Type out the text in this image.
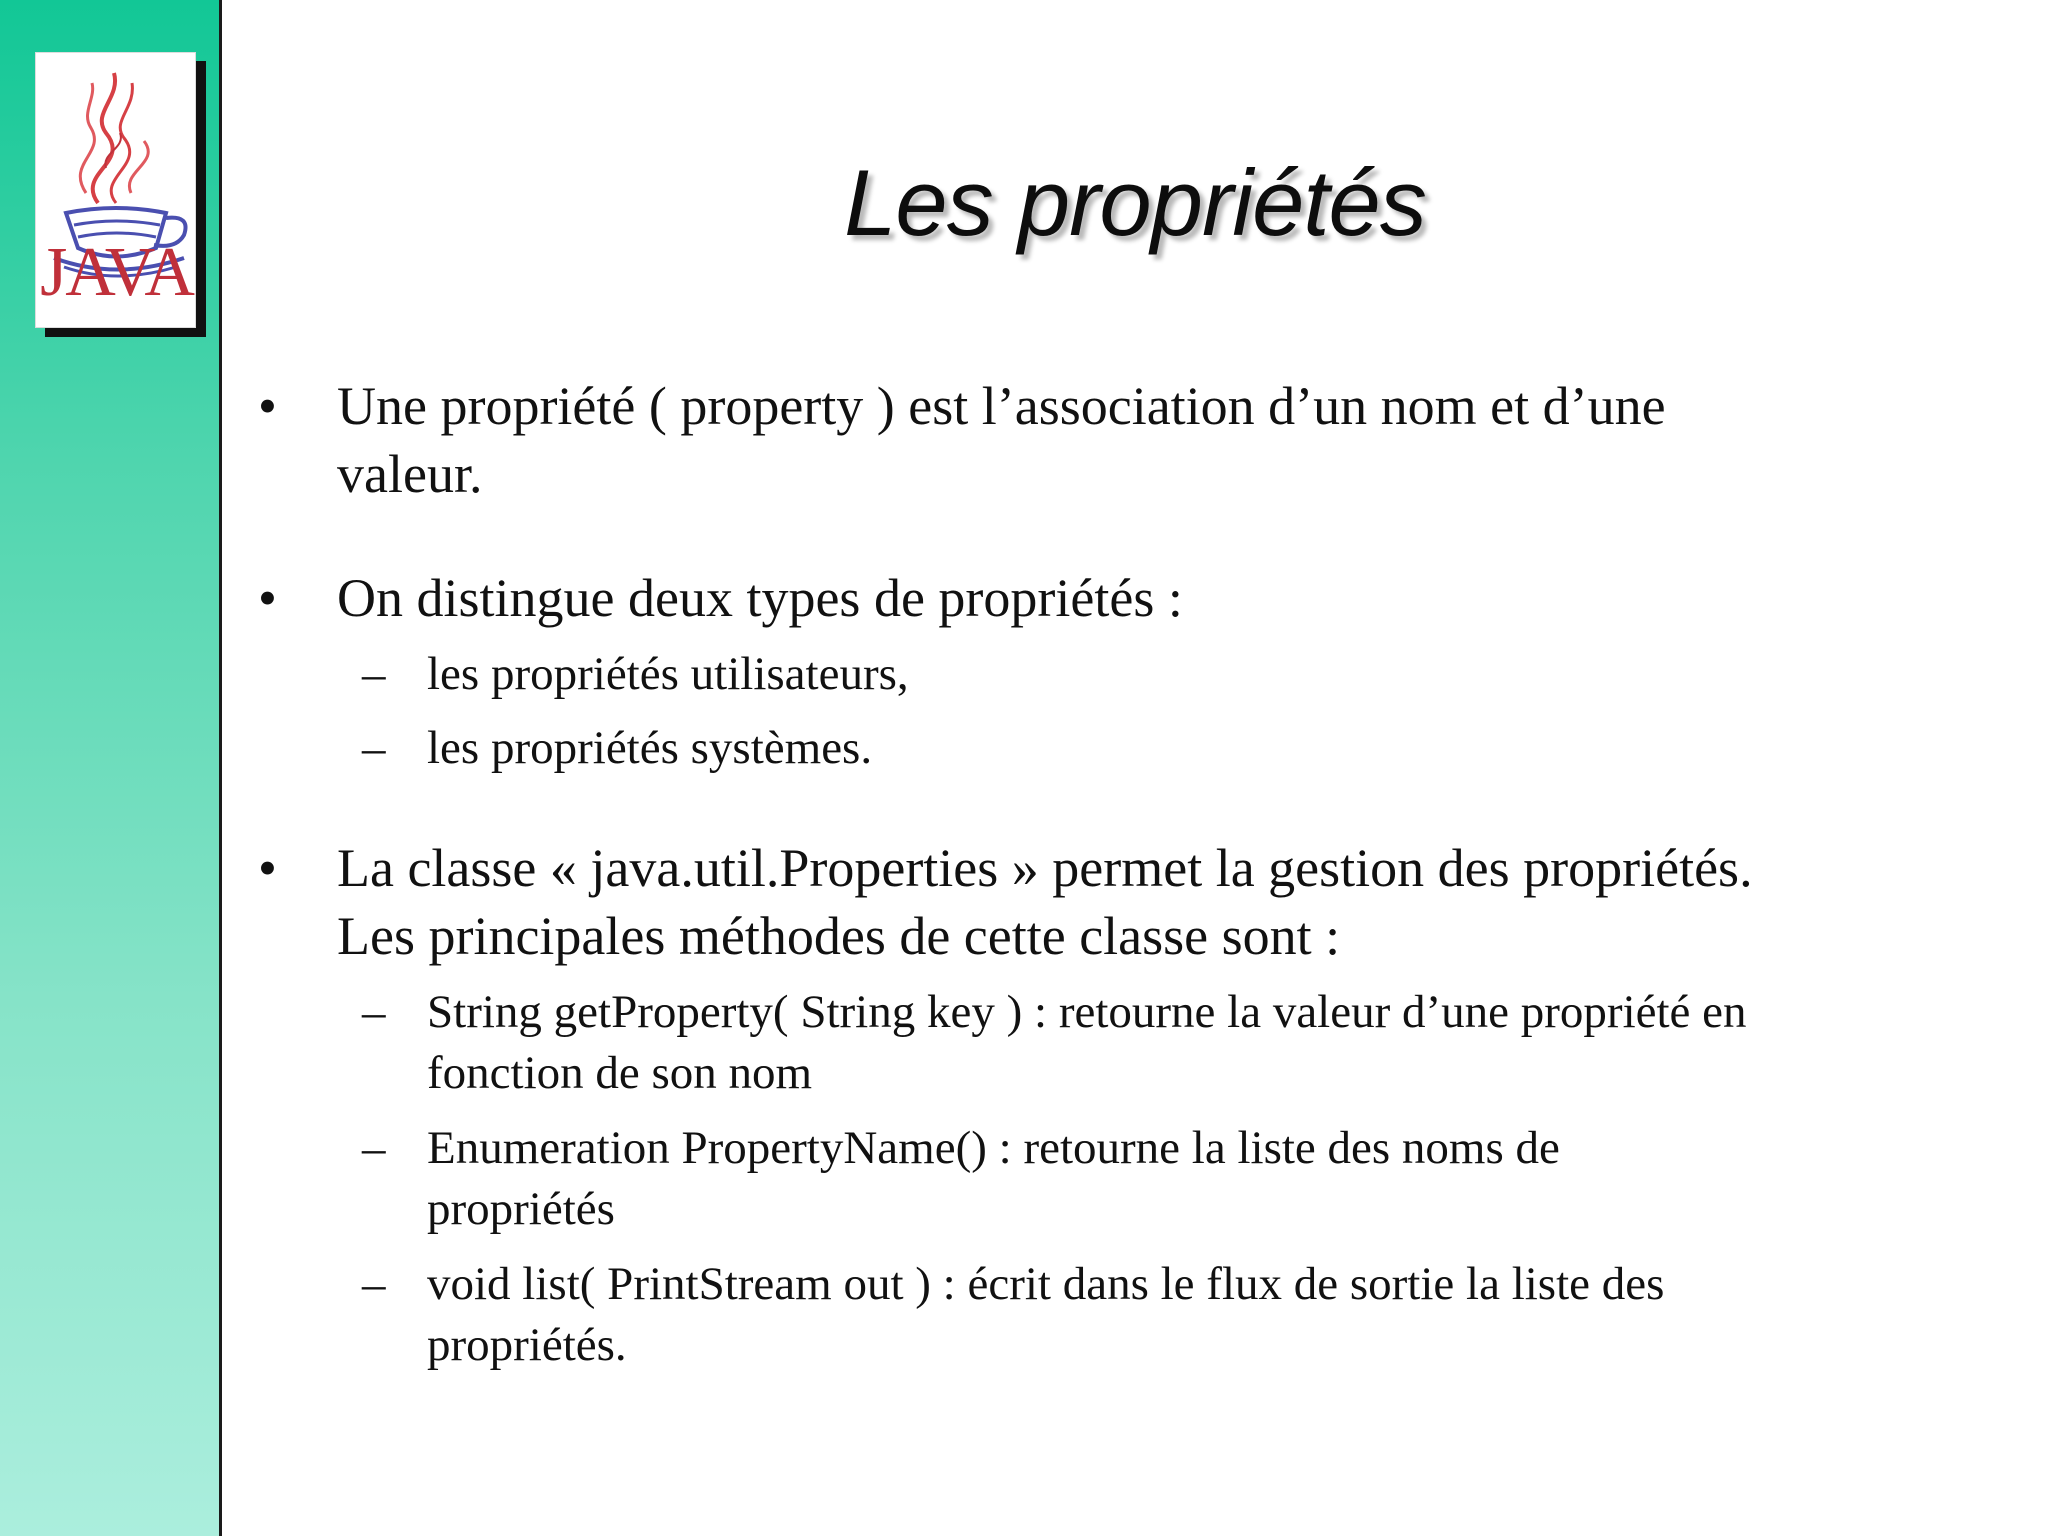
JAVA
Les propriétés
• Une propriété ( property ) est l’association d’un nom et d’une
valeur.
• On distingue deux types de propriétés :
– les propriétés utilisateurs,
– les propriétés systèmes.
• La classe « java.util.Properties » permet la gestion des propriétés.
Les principales méthodes de cette classe sont :
– String getProperty( String key ) : retourne la valeur d’une propriété en
fonction de son nom
– Enumeration PropertyName() : retourne la liste des noms de
propriétés
– void list( PrintStream out ) : écrit dans le flux de sortie la liste des
propriétés.
